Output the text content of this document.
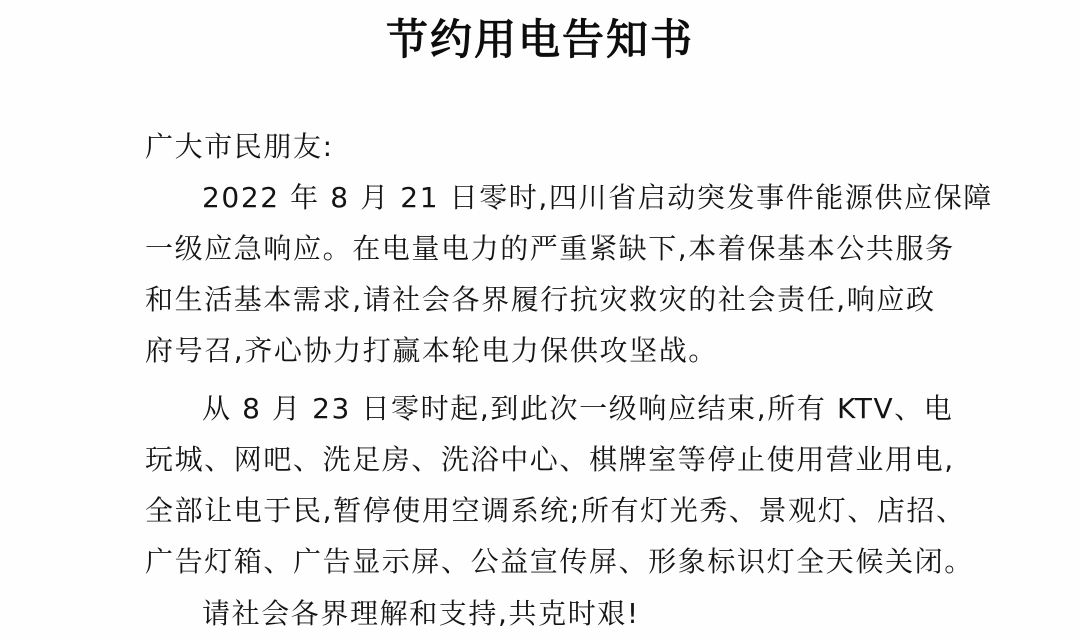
节约用电告知书
广大市民朋友:
2022 年 8 月 21 日零时,四川省启动突发事件能源供应保障
一级应急响应。在电量电力的严重紧缺下,本着保基本公共服务
和生活基本需求,请社会各界履行抗灾救灾的社会责任,响应政
府号召,齐心协力打赢本轮电力保供攻坚战。
从 8 月 23 日零时起,到此次一级响应结束,所有 KTV、电
玩城、网吧、洗足房、洗浴中心、棋牌室等停止使用营业用电,
全部让电于民,暂停使用空调系统;所有灯光秀、景观灯、店招、
广告灯箱、广告显示屏、公益宣传屏、形象标识灯全天候关闭。
请社会各界理解和支持,共克时艰!
